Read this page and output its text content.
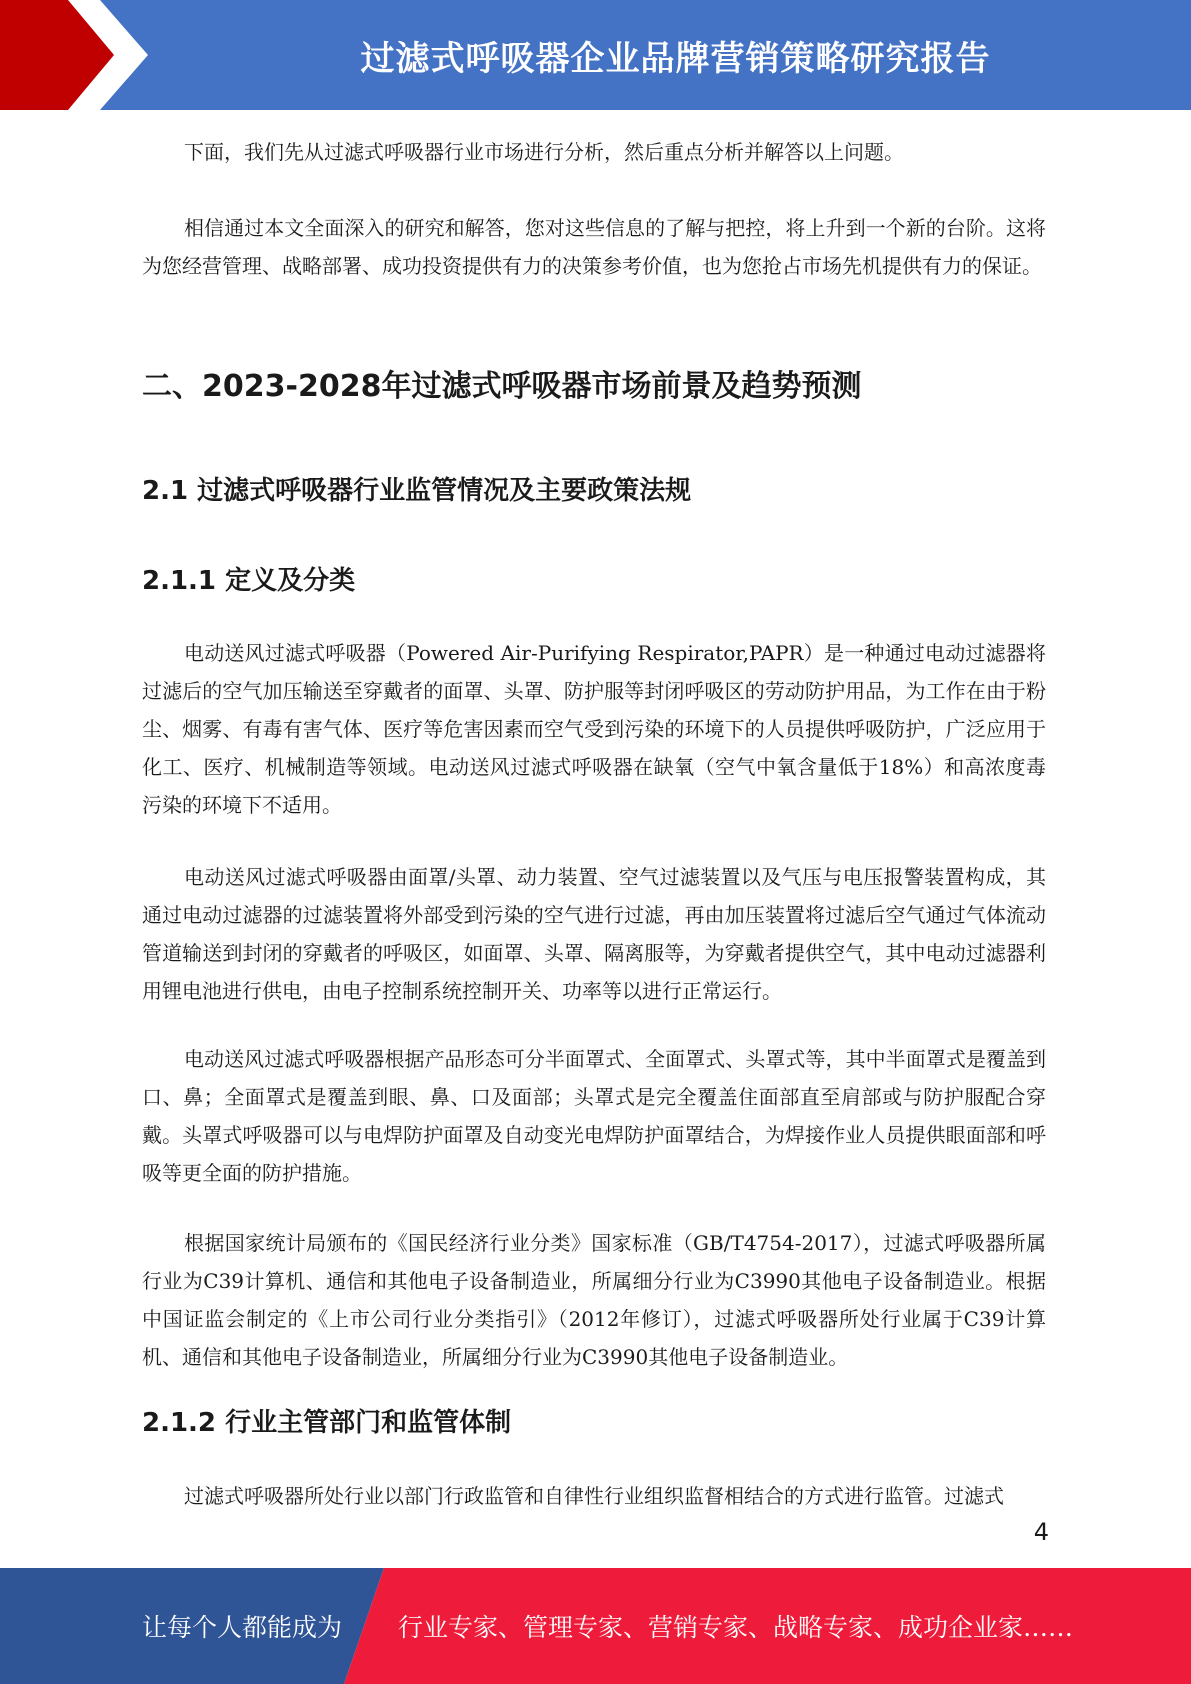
过滤式呼吸器企业品牌营销策略研究报告

下面，我们先从过滤式呼吸器行业市场进行分析，然后重点分析并解答以上问题。

相信通过本文全面深入的研究和解答，您对这些信息的了解与把控，将上升到一个新的台阶。这将为您经营管理、战略部署、成功投资提供有力的决策参考价值，也为您抢占市场先机提供有力的保证。

二、2023-2028年过滤式呼吸器市场前景及趋势预测
2.1 过滤式呼吸器行业监管情况及主要政策法规
2.1.1 定义及分类

电动送风过滤式呼吸器（Powered Air-Purifying Respirator,PAPR）是一种通过电动过滤器将过滤后的空气加压输送至穿戴者的面罩、头罩、防护服等封闭呼吸区的劳动防护用品，为工作在由于粉尘、烟雾、有毒有害气体、医疗等危害因素而空气受到污染的环境下的人员提供呼吸防护，广泛应用于化工、医疗、机械制造等领域。电动送风过滤式呼吸器在缺氧（空气中氧含量低于18%）和高浓度毒污染的环境下不适用。

电动送风过滤式呼吸器由面罩/头罩、动力装置、空气过滤装置以及气压与电压报警装置构成，其通过电动过滤器的过滤装置将外部受到污染的空气进行过滤，再由加压装置将过滤后空气通过气体流动管道输送到封闭的穿戴者的呼吸区，如面罩、头罩、隔离服等，为穿戴者提供空气，其中电动过滤器利用锂电池进行供电，由电子控制系统控制开关、功率等以进行正常运行。

电动送风过滤式呼吸器根据产品形态可分半面罩式、全面罩式、头罩式等，其中半面罩式是覆盖到口、鼻；全面罩式是覆盖到眼、鼻、口及面部；头罩式是完全覆盖住面部直至肩部或与防护服配合穿戴。头罩式呼吸器可以与电焊防护面罩及自动变光电焊防护面罩结合，为焊接作业人员提供眼面部和呼吸等更全面的防护措施。

根据国家统计局颁布的《国民经济行业分类》国家标准（GB/T4754-2017），过滤式呼吸器所属行业为C39计算机、通信和其他电子设备制造业，所属细分行业为C3990其他电子设备制造业。根据中国证监会制定的《上市公司行业分类指引》（2012年修订），过滤式呼吸器所处行业属于C39计算机、通信和其他电子设备制造业，所属细分行业为C3990其他电子设备制造业。

2.1.2 行业主管部门和监管体制

过滤式呼吸器所处行业以部门行政监管和自律性行业组织监督相结合的方式进行监管。过滤式

4
让每个人都能成为 行业专家、管理专家、营销专家、战略专家、成功企业家……
